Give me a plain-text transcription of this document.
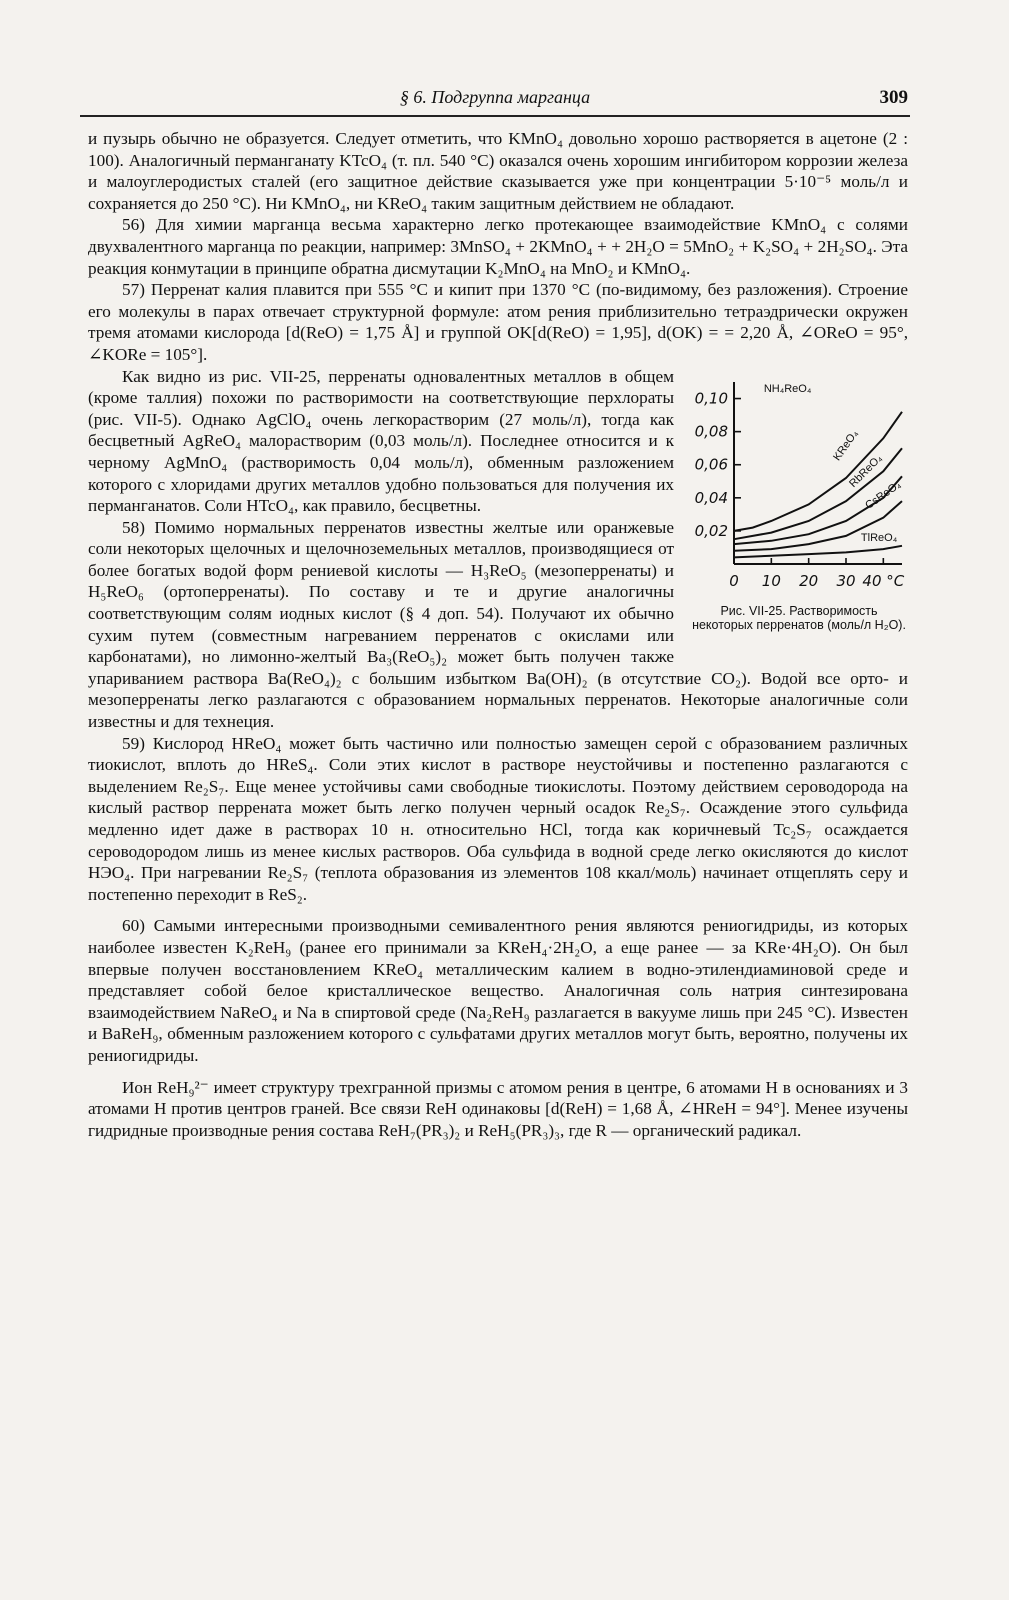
§ 6. Подгруппа марганца	309

и пузырь обычно не образуется. Следует отметить, что KMnO₄ довольно хорошо растворяется в ацетоне (2 : 100). Аналогичный перманганату KTcO₄ (т. пл. 540 °C) оказался очень хорошим ингибитором коррозии железа и малоуглеродистых сталей (его защитное действие сказывается уже при концентрации 5·10⁻⁵ моль/л и сохраняется до 250 °C). Ни KMnO₄, ни KReO₄ таким защитным действием не обладают.

56) Для химии марганца весьма характерно легко протекающее взаимодействие KMnO₄ с солями двухвалентного марганца по реакции, например: 3MnSO₄ + 2KMnO₄ + + 2H₂O = 5MnO₂ + K₂SO₄ + 2H₂SO₄. Эта реакция конмутации в принципе обратна дисмутации K₂MnO₄ на MnO₂ и KMnO₄.

57) Перренат калия плавится при 555 °C и кипит при 1370 °C (по-видимому, без разложения). Строение его молекулы в парах отвечает структурной формуле: атом рения приблизительно тетраэдрически окружен тремя атомами кислорода [d(ReO) = 1,75 Å] и группой OK[d(ReO) = 1,95], d(OK) = = 2,20 Å, ∠OReO = 95°, ∠KORe = 105°].

0,02
0,04
0,06
0,08
0,10
0 10 20 30 40 °C
NH₄ReO₄
KReO₄
RbReO₄
CsReO₄
TlReO₄
Рис. VII-25. Растворимость некоторых перренатов (моль/л H₂O).

Как видно из рис. VII-25, перренаты одновалентных металлов в общем (кроме таллия) похожи по растворимости на соответствующие перхлораты (рис. VII-5). Однако AgClO₄ очень легкорастворим (27 моль/л), тогда как бесцветный AgReO₄ малорастворим (0,03 моль/л). Последнее относится и к черному AgMnO₄ (растворимость 0,04 моль/л), обменным разложением которого с хлоридами других металлов удобно пользоваться для получения их перманганатов. Соли HTcO₄, как правило, бесцветны.

58) Помимо нормальных перренатов известны желтые или оранжевые соли некоторых щелочных и щелочноземельных металлов, производящиеся от более богатых водой форм рениевой кислоты — H₃ReO₅ (мезоперренаты) и H₅ReO₆ (ортоперренаты). По составу и те и другие аналогичны соответствующим солям иодных кислот (§ 4 доп. 54). Получают их обычно сухим путем (совместным нагреванием перренатов с окислами или карбонатами), но лимонно-желтый Ba₃(ReO₅)₂ может быть получен также упариванием раствора Ba(ReO₄)₂ с большим избытком Ba(OH)₂ (в отсутствие CO₂). Водой все орто- и мезоперренаты легко разлагаются с образованием нормальных перренатов. Некоторые аналогичные соли известны и для технеция.

59) Кислород HReO₄ может быть частично или полностью замещен серой с образованием различных тиокислот, вплоть до HReS₄. Соли этих кислот в растворе неустойчивы и постепенно разлагаются с выделением Re₂S₇. Еще менее устойчивы сами свободные тиокислоты. Поэтому действием сероводорода на кислый раствор перрената может быть легко получен черный осадок Re₂S₇. Осаждение этого сульфида медленно идет даже в растворах 10 н. относительно HCl, тогда как коричневый Tc₂S₇ осаждается сероводородом лишь из менее кислых растворов. Оба сульфида в водной среде легко окисляются до кислот HЭO₄. При нагревании Re₂S₇ (теплота образования из элементов 108 ккал/моль) начинает отщеплять серу и постепенно переходит в ReS₂.

60) Самыми интересными производными семивалентного рения являются рениогидриды, из которых наиболее известен K₂ReH₉ (ранее его принимали за KReH₄·2H₂O, а еще ранее — за KRe·4H₂O). Он был впервые получен восстановлением KReO₄ металлическим калием в водно-этилендиаминовой среде и представляет собой белое кристаллическое вещество. Аналогичная соль натрия синтезирована взаимодействием NaReO₄ и Na в спиртовой среде (Na₂ReH₉ разлагается в вакууме лишь при 245 °C). Известен и BaReH₉, обменным разложением которого с сульфатами других металлов могут быть, вероятно, получены их рениогидриды.

Ион ReH₉²⁻ имеет структуру трехгранной призмы с атомом рения в центре, 6 атомами H в основаниях и 3 атомами H против центров граней. Все связи ReH одинаковы [d(ReH) = 1,68 Å, ∠HReH = 94°]. Менее изучены гидридные производные рения состава ReH₇(PR₃)₂ и ReH₅(PR₃)₃, где R — органический радикал.
